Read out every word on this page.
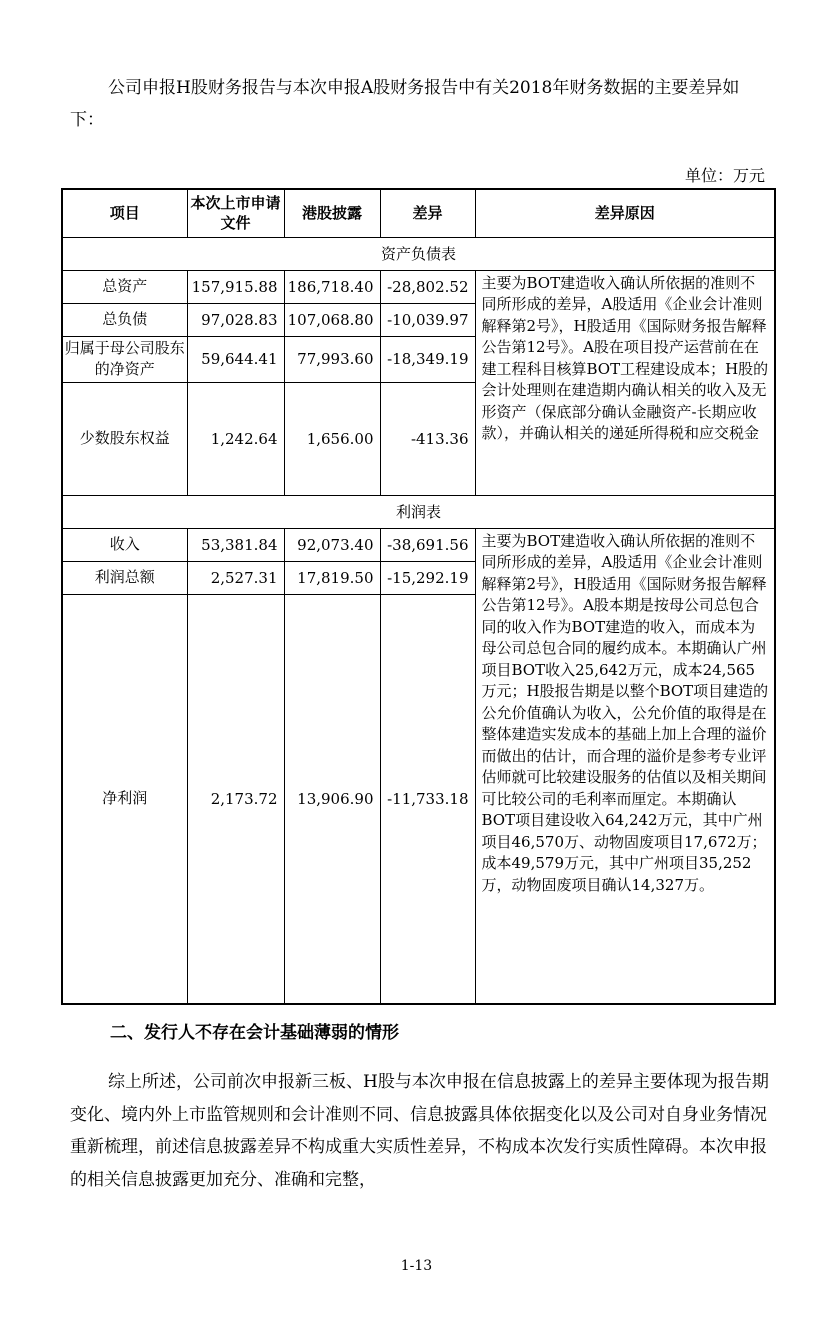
公司申报H股财务报告与本次申报A股财务报告中有关2018年财务数据的主要差异如下：
单位：万元
项目	本次上市申请文件	港股披露	差异	差异原因
资产负债表				
总资产	157,915.88	186,718.40	-28,802.52	主要为BOT建造收入确认所依据的准则不同所形成的差异，A股适用《企业会计准则解释第2号》，H股适用《国际财务报告解释公告第12号》。A股在项目投产运营前在在建工程科目核算BOT工程建设成本；H股的会计处理则在建造期内确认相关的收入及无形资产（保底部分确认金融资产-长期应收款），并确认相关的递延所得税和应交税金
总负债	97,028.83	107,068.80	-10,039.97	
归属于母公司股东的净资产	59,644.41	77,993.60	-18,349.19	
少数股东权益	1,242.64	1,656.00	-413.36	
利润表				
收入	53,381.84	92,073.40	-38,691.56	主要为BOT建造收入确认所依据的准则不同所形成的差异，A股适用《企业会计准则解释第2号》，H股适用《国际财务报告解释公告第12号》。A股本期是按母公司总包合同的收入作为BOT建造的收入，而成本为母公司总包合同的履约成本。本期确认广州项目BOT收入25,642万元，成本24,565万元；H股报告期是以整个BOT项目建造的公允价值确认为收入，公允价值的取得是在整体建造实发成本的基础上加上合理的溢价而做出的估计，而合理的溢价是参考专业评估师就可比较建设服务的估值以及相关期间可比较公司的毛利率而厘定。本期确认BOT项目建设收入64,242万元，其中广州项目46,570万、动物固废项目17,672万；成本49,579万元，其中广州项目35,252万，动物固废项目确认14,327万。
利润总额	2,527.31	17,819.50	-15,292.19	
净利润	2,173.72	13,906.90	-11,733.18	
二、发行人不存在会计基础薄弱的情形
综上所述，公司前次申报新三板、H股与本次申报在信息披露上的差异主要体现为报告期变化、境内外上市监管规则和会计准则不同、信息披露具体依据变化以及公司对自身业务情况重新梳理，前述信息披露差异不构成重大实质性差异，不构成本次发行实质性障碍。本次申报的相关信息披露更加充分、准确和完整，
1-13
